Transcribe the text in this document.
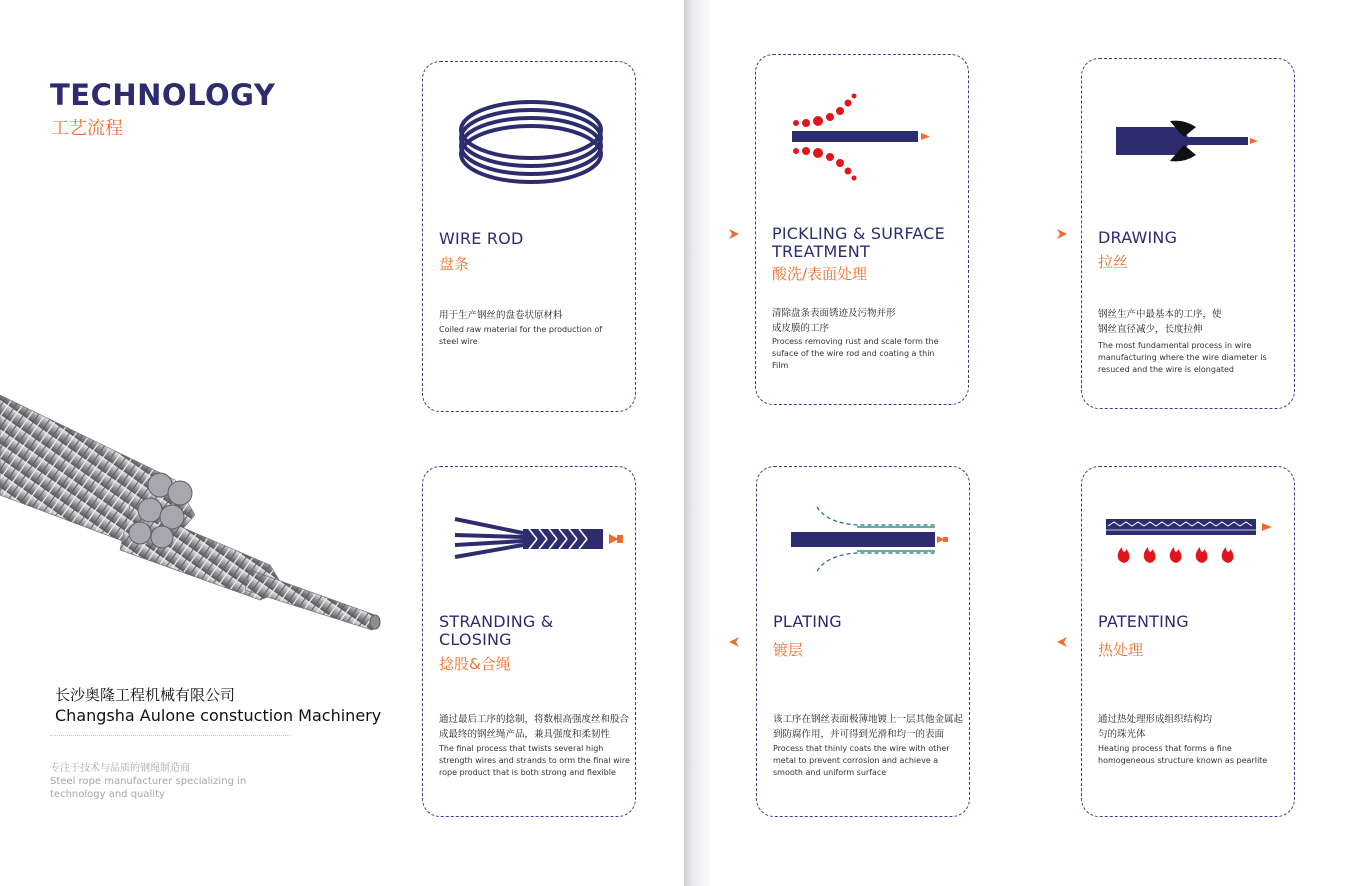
TECHNOLOGY
工艺流程
长沙奥隆工程机械有限公司
Changsha Aulone constuction Machinery
专注于技术与品质的钢绳制造商
Steel rope manufacturer specializing in technology and quality
WIRE ROD
盘条
用于生产钢丝的盘卷状原材料
Coiled raw material for the production of steel wire
PICKLING & SURFACE TREATMENT
酸洗/表面处理
清除盘条表面锈迹及污物并形成皮膜的工序
Process removing rust and scale form the suface of the wire rod and coating a thin Film
DRAWING
拉丝
钢丝生产中最基本的工序，使钢丝直径减少，长度拉伸
The most fundamental process in wire manufacturing where the wire diameter is resuced and the wire is elongated
STRANDING & CLOSING
捻股&合绳
通过最后工序的捻制，将数根高强度丝和股合成最终的钢丝绳产品，兼具强度和柔韧性
The final process that twists several high strength wires and strands to orm the final wire rope product that is both strong and flexible
PLATING
镀层
该工序在钢丝表面极薄地镀上一层其他金属起到防腐作用，并可得到光滑和均一的表面
Process that thinly coats the wire with other metal to prevent corrosion and achieve a smooth and uniform surface
PATENTING
热处理
通过热处理形成组织结构均匀的珠光体
Heating process that forms a fine homogeneous structure known as pearlite
